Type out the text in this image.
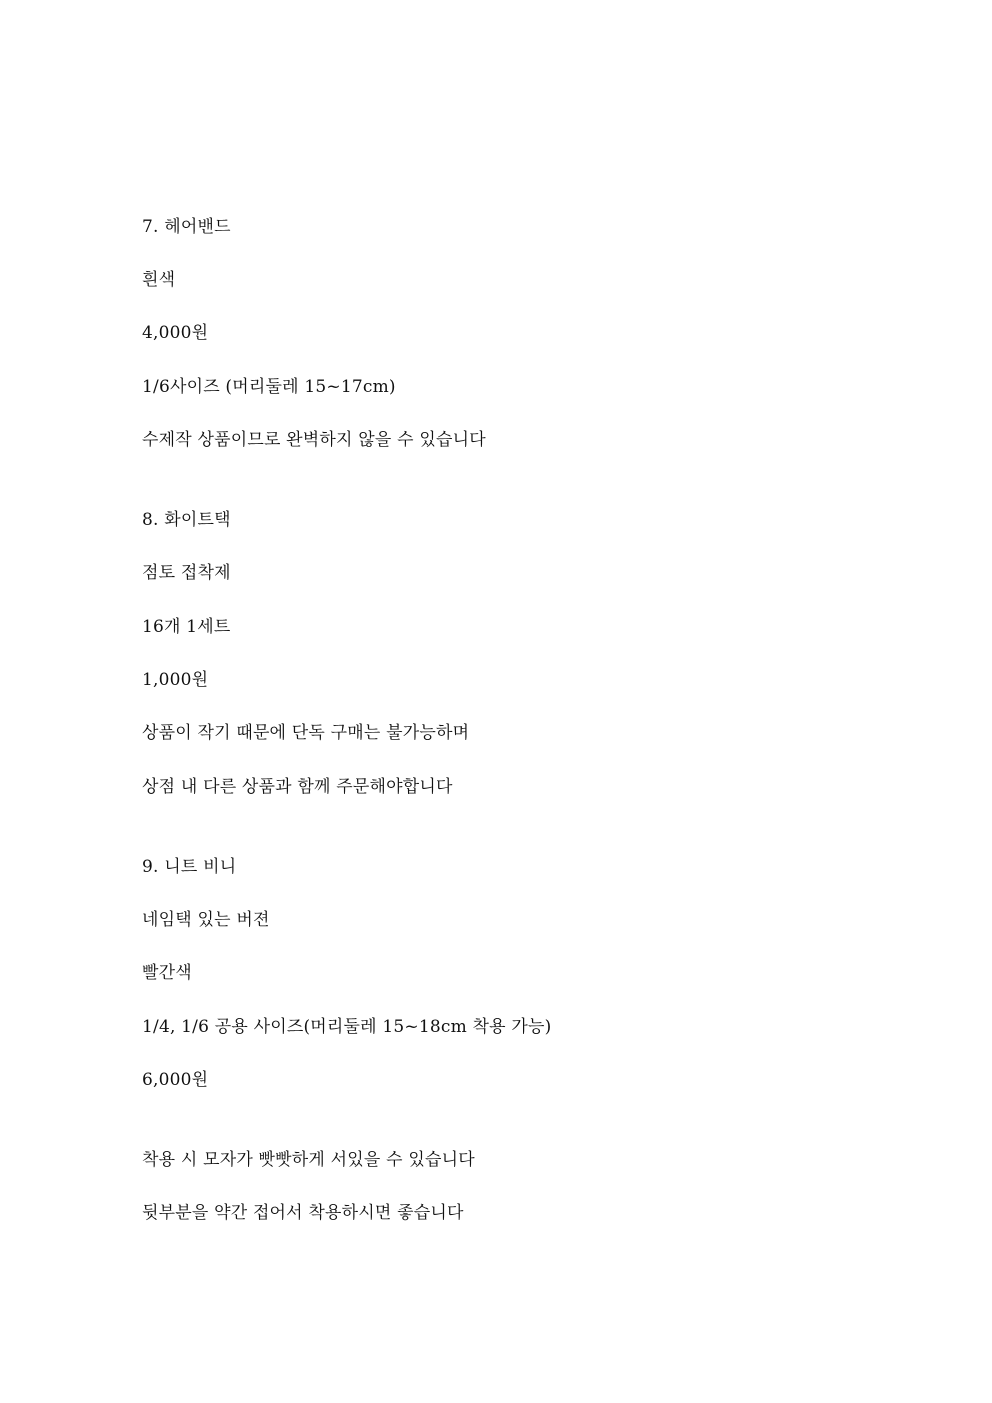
7. 헤어밴드
흰색
4,000원
1/6사이즈 (머리둘레 15~17cm)
수제작 상품이므로 완벽하지 않을 수 있습니다
8. 화이트택
점토 접착제
16개 1세트
1,000원
상품이 작기 때문에 단독 구매는 불가능하며
상점 내 다른 상품과 함께 주문해야합니다
9. 니트 비니
네임택 있는 버젼
빨간색
1/4, 1/6 공용 사이즈(머리둘레 15~18cm 착용 가능)
6,000원
착용 시 모자가 빳빳하게 서있을 수 있습니다
뒷부분을 약간 접어서 착용하시면 좋습니다
